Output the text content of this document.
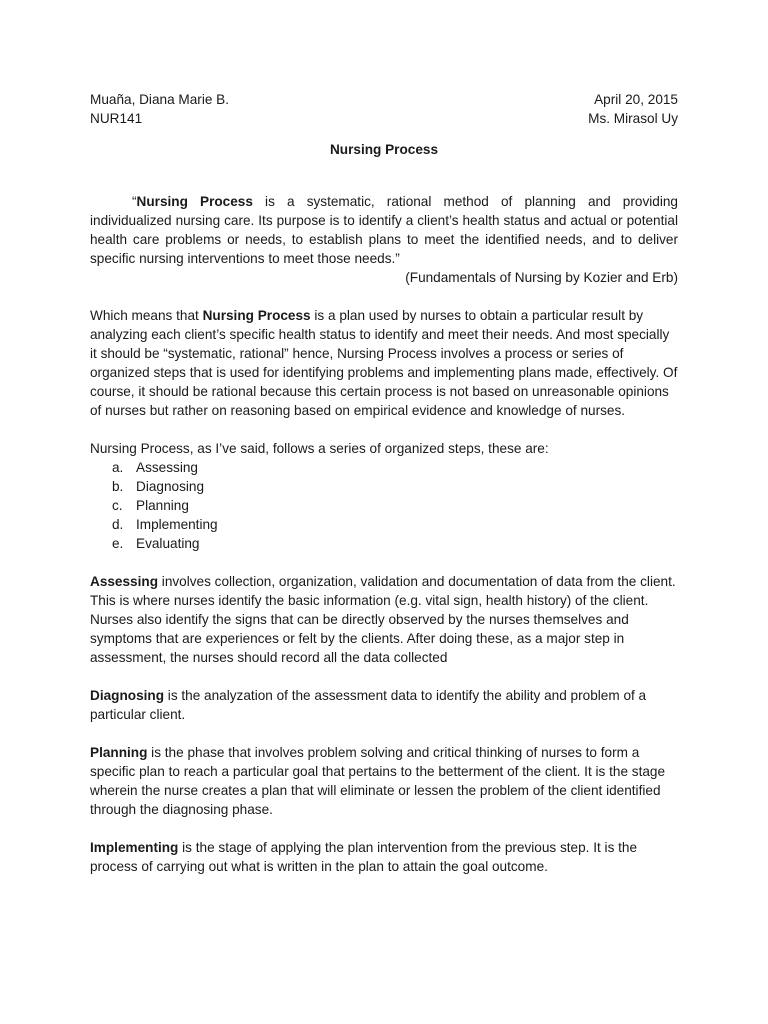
Muaña, Diana Marie B.	April 20, 2015
NUR141	Ms. Mirasol Uy
Nursing Process
“Nursing Process is a systematic, rational method of planning and providing individualized nursing care. Its purpose is to identify a client’s health status and actual or potential health care problems or needs, to establish plans to meet the identified needs, and to deliver specific nursing interventions to meet those needs.”
(Fundamentals of Nursing by Kozier and Erb)
Which means that Nursing Process is a plan used by nurses to obtain a particular result by analyzing each client’s specific health status to identify and meet their needs. And most specially it should be “systematic, rational” hence, Nursing Process involves a process or series of organized steps that is used for identifying problems and implementing plans made, effectively. Of course, it should be rational because this certain process is not based on unreasonable opinions of nurses but rather on reasoning based on empirical evidence and knowledge of nurses.
Nursing Process, as I’ve said, follows a series of organized steps, these are:
a. Assessing
b. Diagnosing
c. Planning
d. Implementing
e. Evaluating
Assessing involves collection, organization, validation and documentation of data from the client. This is where nurses identify the basic information (e.g. vital sign, health history) of the client. Nurses also identify the signs that can be directly observed by the nurses themselves and symptoms that are experiences or felt by the clients. After doing these, as a major step in assessment, the nurses should record all the data collected
Diagnosing is the analyzation of the assessment data to identify the ability and problem of a particular client.
Planning is the phase that involves problem solving and critical thinking of nurses to form a specific plan to reach a particular goal that pertains to the betterment of the client. It is the stage wherein the nurse creates a plan that will eliminate or lessen the problem of the client identified through the diagnosing phase.
Implementing is the stage of applying the plan intervention from the previous step. It is the process of carrying out what is written in the plan to attain the goal outcome.
